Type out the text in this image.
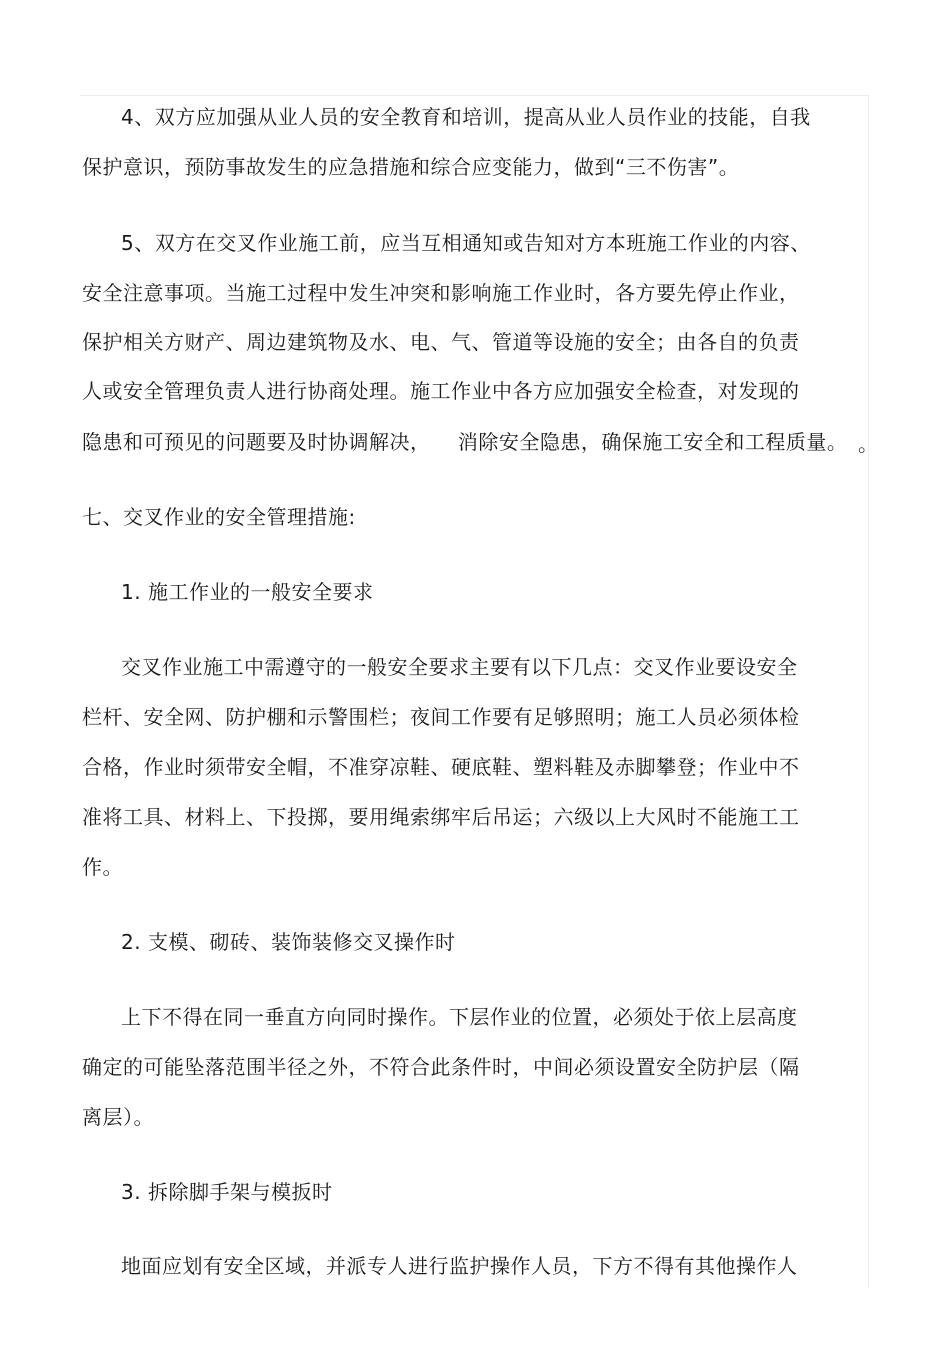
4、双方应加强从业人员的安全教育和培训，提高从业人员作业的技能，自我
保护意识，预防事故发生的应急措施和综合应变能力，做到“三不伤害”。
5、双方在交叉作业施工前，应当互相通知或告知对方本班施工作业的内容、
安全注意事项。当施工过程中发生冲突和影响施工作业时，各方要先停止作业，
保护相关方财产、周边建筑物及水、电、气、管道等设施的安全；由各自的负责
人或安全管理负责人进行协商处理。施工作业中各方应加强安全检查，对发现的
隐患和可预见的问题要及时协调解决，    消除安全隐患，确保施工安全和工程质量。 。
七、交叉作业的安全管理措施:
1. 施工作业的一般安全要求
交叉作业施工中需遵守的一般安全要求主要有以下几点：交叉作业要设安全
栏杆、安全网、防护棚和示警围栏；夜间工作要有足够照明；施工人员必须体检
合格，作业时须带安全帽，不准穿凉鞋、硬底鞋、塑料鞋及赤脚攀登；作业中不
准将工具、材料上、下投掷，要用绳索绑牢后吊运；六级以上大风时不能施工工
作。
2. 支模、砌砖、装饰装修交叉操作时
上下不得在同一垂直方向同时操作。下层作业的位置，必须处于依上层高度
确定的可能坠落范围半径之外，不符合此条件时，中间必须设置安全防护层（隔
离层）。
3. 拆除脚手架与模扳时
地面应划有安全区域，并派专人进行监护操作人员，下方不得有其他操作人
